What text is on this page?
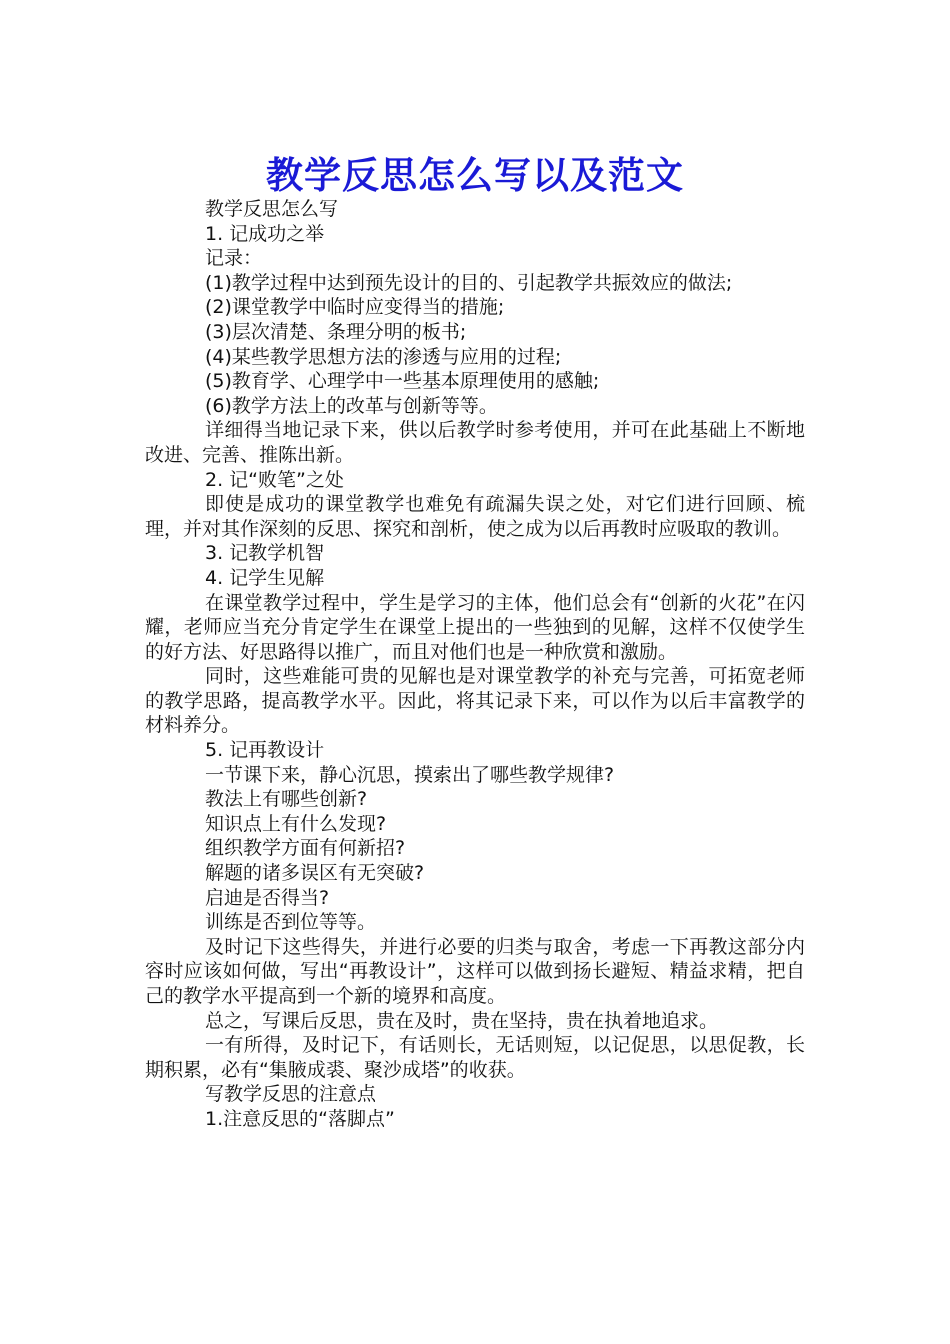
教学反思怎么写以及范文

教学反思怎么写

1. 记成功之举

记录：

(1)教学过程中达到预先设计的目的、引起教学共振效应的做法;

(2)课堂教学中临时应变得当的措施;

(3)层次清楚、条理分明的板书;

(4)某些教学思想方法的渗透与应用的过程;

(5)教育学、心理学中一些基本原理使用的感触;

(6)教学方法上的改革与创新等等。

详细得当地记录下来，供以后教学时参考使用，并可在此基础上不断地改进、完善、推陈出新。

2. 记“败笔”之处

即使是成功的课堂教学也难免有疏漏失误之处，对它们进行回顾、梳理，并对其作深刻的反思、探究和剖析，使之成为以后再教时应吸取的教训。

3. 记教学机智

4. 记学生见解

在课堂教学过程中，学生是学习的主体，他们总会有“创新的火花”在闪耀，老师应当充分肯定学生在课堂上提出的一些独到的见解，这样不仅使学生的好方法、好思路得以推广，而且对他们也是一种欣赏和激励。

同时，这些难能可贵的见解也是对课堂教学的补充与完善，可拓宽老师的教学思路，提高教学水平。因此，将其记录下来，可以作为以后丰富教学的材料养分。

5. 记再教设计

一节课下来，静心沉思，摸索出了哪些教学规律?

教法上有哪些创新?

知识点上有什么发现?

组织教学方面有何新招?

解题的诸多误区有无突破?

启迪是否得当?

训练是否到位等等。

及时记下这些得失，并进行必要的归类与取舍，考虑一下再教这部分内容时应该如何做，写出“再教设计”，这样可以做到扬长避短、精益求精，把自己的教学水平提高到一个新的境界和高度。

总之，写课后反思，贵在及时，贵在坚持，贵在执着地追求。

一有所得，及时记下，有话则长，无话则短，以记促思，以思促教，长期积累，必有“集腋成裘、聚沙成塔”的收获。

写教学反思的注意点

1.注意反思的“落脚点”
